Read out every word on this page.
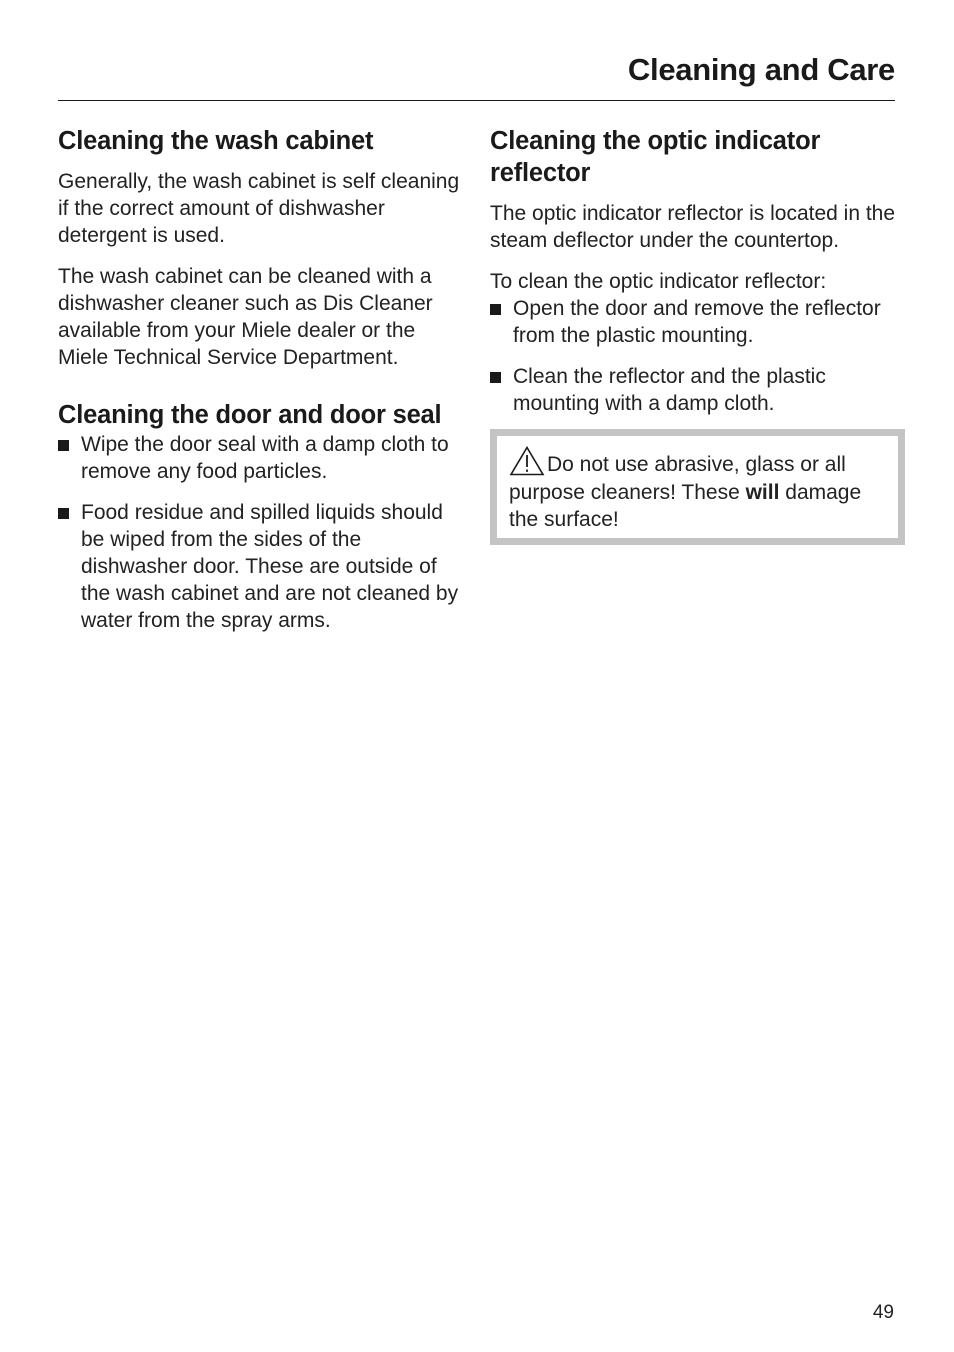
Cleaning and Care
Cleaning the wash cabinet

Generally, the wash cabinet is self cleaning if the correct amount of dishwasher detergent is used.

The wash cabinet can be cleaned with a dishwasher cleaner such as Dis Cleaner available from your Miele dealer or the Miele Technical Service Department.

Cleaning the door and door seal
Wipe the door seal with a damp cloth to remove any food particles.
Food residue and spilled liquids should be wiped from the sides of the dishwasher door. These are outside of the wash cabinet and are not cleaned by water from the spray arms.
Cleaning the optic indicator reflector

The optic indicator reflector is located in the steam deflector under the countertop.

To clean the optic indicator reflector:

Open the door and remove the reflector from the plastic mounting.
Clean the reflector and the plastic mounting with a damp cloth.

Do not use abrasive, glass or all purpose cleaners! These will damage the surface!

49
